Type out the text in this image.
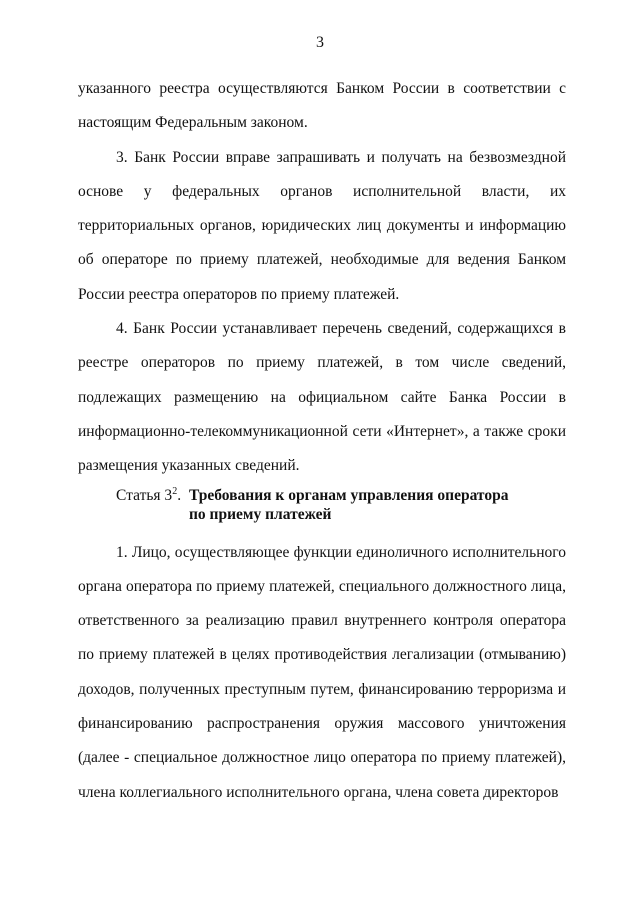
3

указанного реестра осуществляются Банком России в соответствии с настоящим Федеральным законом.

3. Банк России вправе запрашивать и получать на безвозмездной основе у федеральных органов исполнительной власти, их территориальных органов, юридических лиц документы и информацию об операторе по приему платежей, необходимые для ведения Банком России реестра операторов по приему платежей.

4. Банк России устанавливает перечень сведений, содержащихся в реестре операторов по приему платежей, в том числе сведений, подлежащих размещению на официальном сайте Банка России в информационно-телекоммуникационной сети «Интернет», а также сроки размещения указанных сведений.

Статья $3^2$. Требования к органам управления оператора по приему платежей

1. Лицо, осуществляющее функции единоличного исполнительного органа оператора по приему платежей, специального должностного лица, ответственного за реализацию правил внутреннего контроля оператора по приему платежей в целях противодействия легализации (отмыванию) доходов, полученных преступным путем, финансированию терроризма и финансированию распространения оружия массового уничтожения (далее - специальное должностное лицо оператора по приему платежей), члена коллегиального исполнительного органа, члена совета директоров
